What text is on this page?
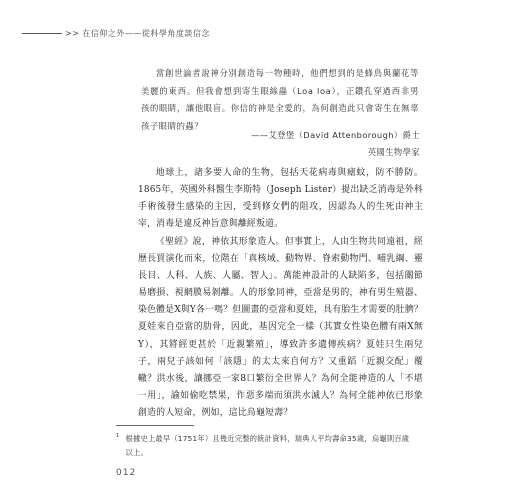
>> 在信仰之外——從科學角度談信念

當創世論者說神分別創造每一物種時，他們想到的是蜂鳥與蘭花等美麗的東西。但我會想到寄生眼絲蟲（Loa loa），正鑽孔穿過西非男孩的眼睛，讓他眼盲。你信的神是全愛的，為何創造此只會寄生在無辜孩子眼睛的蟲？

——艾登堡（David Attenborough）爵士
英國生物學家

地球上，諸多要人命的生物，包括天花病毒與瘧蚊，防不勝防。1865年，英國外科醫生李斯特（Joseph Lister）提出缺乏消毒是外科手術後發生感染的主因，受到修女們的阻攻，因認為人的生死由神主宰，消毒是違反神旨意與離經叛道。

《聖經》說，神依其形象造人。但事實上，人由生物共同遠祖，經歷長買演化而來，位階在「真核域、動物界、脊索動物門、哺乳綱、靈長目、人科、人族、人屬、智人」。萬能神設計的人缺陷多，包括關節易磨損、視網膜易剝離。人的形象同神，亞當是男的，神有男生殖器、染色體是X與Y各一嗎？但圖畫的亞當和夏娃，具有胎生才需要的肚臍？夏娃來自亞當的肋骨，因此，基因完全一樣（其實女性染色體有兩X無Y），其將經更甚於「近親繁殖」，導致許多遺傳疾病？夏娃只生兩兒子，兩兒子該如何「該隱」的太太來自何方？又重蹈「近親交配」覆轍？洪水後，讓挪亞一家8口繁衍全世界人？為何全能神造的人「不堪一用」，諭如偷吃禁果，作惡多端而須洪水滅人？為何全能神依已形象創造的人短命，例如，這比烏龜短壽？

1 根據史上最早（1751年）且幾近完整的統計資料，瑞典人平均壽命35歲，烏龜則百歲以上。
012
